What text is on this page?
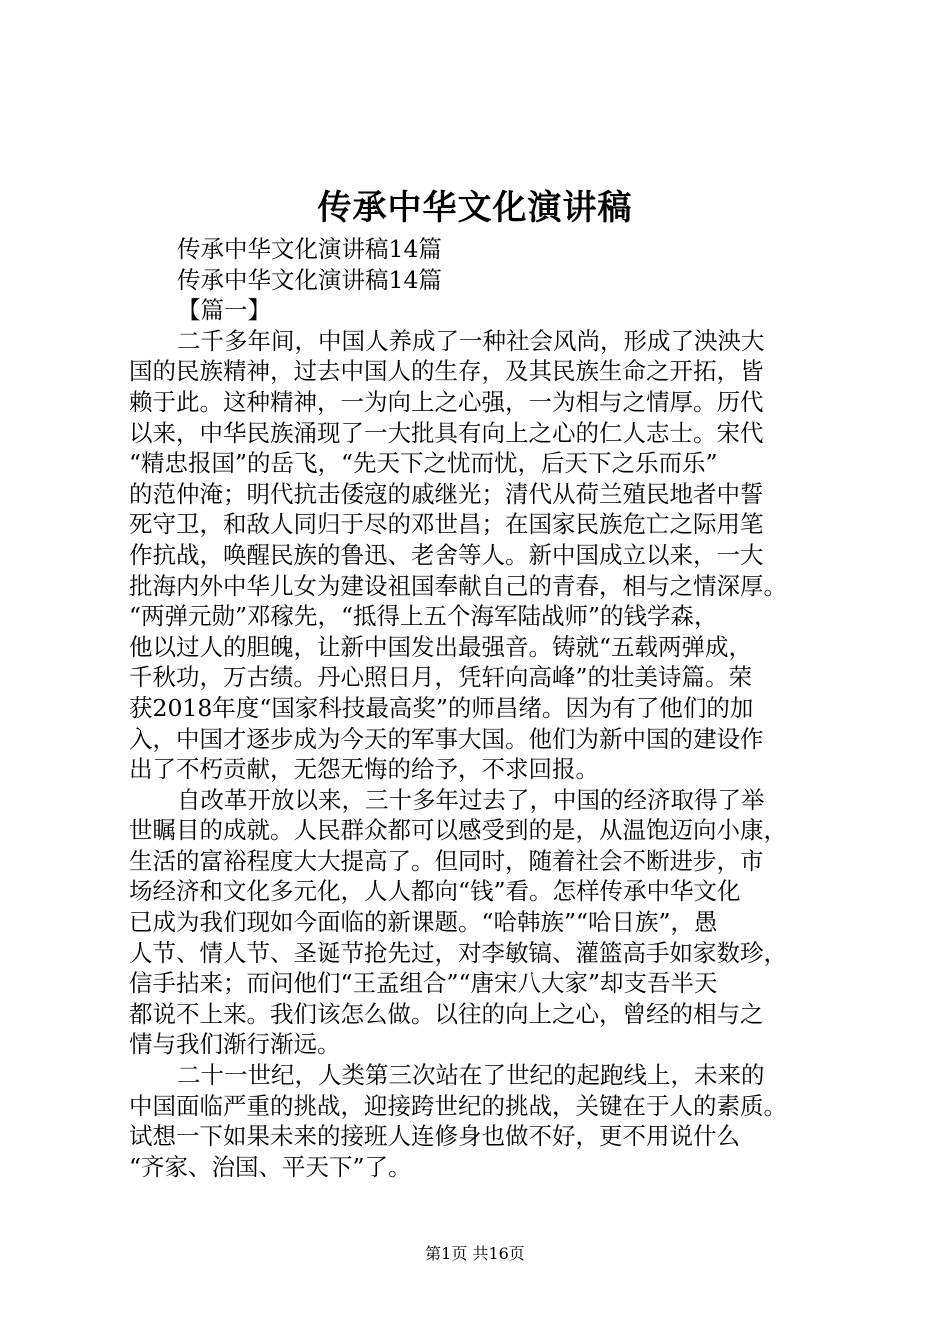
传承中华文化演讲稿
传承中华文化演讲稿14篇
传承中华文化演讲稿14篇
【篇一】
二千多年间，中国人养成了一种社会风尚，形成了泱泱大
国的民族精神，过去中国人的生存，及其民族生命之开拓，皆
赖于此。这种精神，一为向上之心强，一为相与之情厚。历代
以来，中华民族涌现了一大批具有向上之心的仁人志士。宋代
“精忠报国”的岳飞，“先天下之忧而忧，后天下之乐而乐”
的范仲淹；明代抗击倭寇的戚继光；清代从荷兰殖民地者中誓
死守卫，和敌人同归于尽的邓世昌；在国家民族危亡之际用笔
作抗战，唤醒民族的鲁迅、老舍等人。新中国成立以来，一大
批海内外中华儿女为建设祖国奉献自己的青春，相与之情深厚。
“两弹元勋”邓稼先，“抵得上五个海军陆战师”的钱学森，
他以过人的胆魄，让新中国发出最强音。铸就“五载两弹成，
千秋功，万古绩。丹心照日月，凭轩向高峰”的壮美诗篇。荣
获2018年度“国家科技最高奖”的师昌绪。因为有了他们的加
入，中国才逐步成为今天的军事大国。他们为新中国的建设作
出了不朽贡献，无怨无悔的给予，不求回报。
自改革开放以来，三十多年过去了，中国的经济取得了举
世瞩目的成就。人民群众都可以感受到的是，从温饱迈向小康，
生活的富裕程度大大提高了。但同时，随着社会不断进步，市
场经济和文化多元化，人人都向“钱”看。怎样传承中华文化
已成为我们现如今面临的新课题。“哈韩族”“哈日族”，愚
人节、情人节、圣诞节抢先过，对李敏镐、灌篮高手如家数珍，
信手拈来；而问他们“王孟组合”“唐宋八大家”却支吾半天
都说不上来。我们该怎么做。以往的向上之心，曾经的相与之
情与我们渐行渐远。
二十一世纪，人类第三次站在了世纪的起跑线上，未来的
中国面临严重的挑战，迎接跨世纪的挑战，关键在于人的素质。
试想一下如果未来的接班人连修身也做不好，更不用说什么
“齐家、治国、平天下”了。
第1页 共16页
